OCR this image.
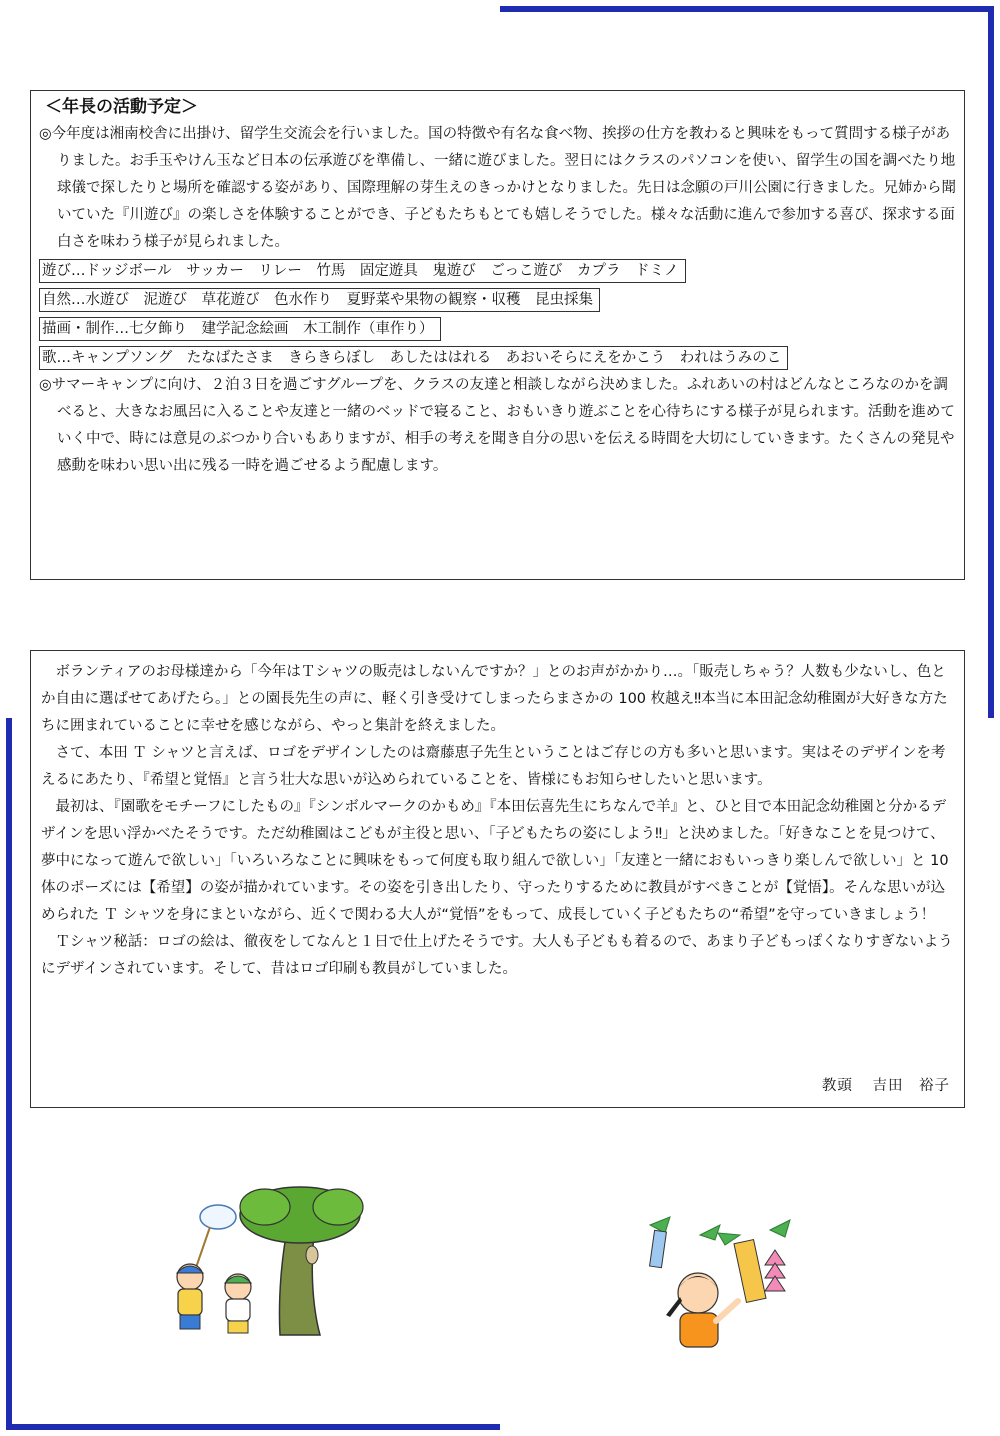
＜年長の活動予定＞

◎今年度は湘南校舎に出掛け、留学生交流会を行いました。国の特徴や有名な食べ物、挨拶の仕方を教わると興味をもって質問する様子がありました。お手玉やけん玉など日本の伝承遊びを準備し、一緒に遊びました。翌日にはクラスのパソコンを使い、留学生の国を調べたり地球儀で探したりと場所を確認する姿があり、国際理解の芽生えのきっかけとなりました。先日は念願の戸川公園に行きました。兄姉から聞いていた『川遊び』の楽しさを体験することができ、子どもたちもとても嬉しそうでした。様々な活動に進んで参加する喜び、探求する面白さを味わう様子が見られました。

遊び…ドッジボール　サッカー　リレー　竹馬　固定遊具　鬼遊び　ごっこ遊び　カプラ　ドミノ
自然…水遊び　泥遊び　草花遊び　色水作り　夏野菜や果物の観察・収穫　昆虫採集
描画・制作…七夕飾り　建学記念絵画　木工制作（車作り）
歌…キャンプソング　たなばたさま　きらきらぼし　あしたははれる　あおいそらにえをかこう　われはうみのこ

◎サマーキャンプに向け、２泊３日を過ごすグループを、クラスの友達と相談しながら決めました。ふれあいの村はどんなところなのかを調べると、大きなお風呂に入ることや友達と一緒のベッドで寝ること、おもいきり遊ぶことを心待ちにする様子が見られます。活動を進めていく中で、時には意見のぶつかり合いもありますが、相手の考えを聞き自分の思いを伝える時間を大切にしていきます。たくさんの発見や感動を味わい思い出に残る一時を過ごせるよう配慮します。

ボランティアのお母様達から「今年はＴシャツの販売はしないんですか？」とのお声がかかり…。「販売しちゃう？人数も少ないし、色とか自由に選ばせてあげたら。」との園長先生の声に、軽く引き受けてしまったらまさかの 100 枚越え‼本当に本田記念幼稚園が大好きな方たちに囲まれていることに幸せを感じながら、やっと集計を終えました。

さて、本田 Ｔ シャツと言えば、ロゴをデザインしたのは齋藤恵子先生ということはご存じの方も多いと思います。実はそのデザインを考えるにあたり、『希望と覚悟』と言う壮大な思いが込められていることを、皆様にもお知らせしたいと思います。

最初は、『園歌をモチーフにしたもの』『シンボルマークのかもめ』『本田伝喜先生にちなんで羊』と、ひと目で本田記念幼稚園と分かるデザインを思い浮かべたそうです。ただ幼稚園はこどもが主役と思い、「子どもたちの姿にしよう‼」と決めました。「好きなことを見つけて、夢中になって遊んで欲しい」「いろいろなことに興味をもって何度も取り組んで欲しい」「友達と一緒におもいっきり楽しんで欲しい」と 10 体のポーズには【希望】の姿が描かれています。その姿を引き出したり、守ったりするために教員がすべきことが【覚悟】。そんな思いが込められた Ｔ シャツを身にまといながら、近くで関わる大人が“覚悟”をもって、成長していく子どもたちの“希望”を守っていきましょう！

Ｔシャツ秘話：ロゴの絵は、徹夜をしてなんと１日で仕上げたそうです。大人も子どもも着るので、あまり子どもっぽくなりすぎないようにデザインされています。そして、昔はロゴ印刷も教員がしていました。

教頭 吉田　裕子
